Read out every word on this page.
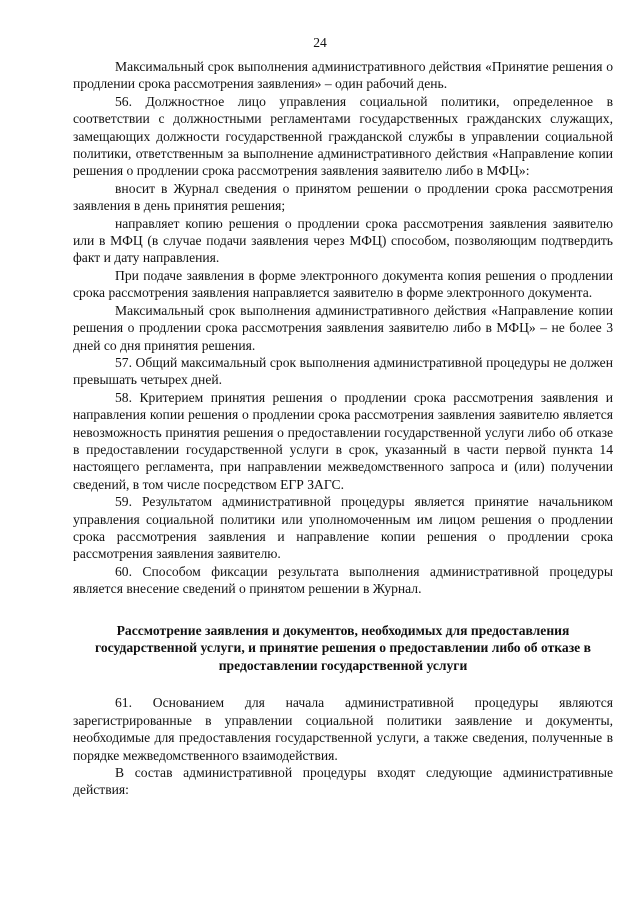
24

Максимальный срок выполнения административного действия «Принятие решения о продлении срока рассмотрения заявления» – один рабочий день.

56. Должностное лицо управления социальной политики, определенное в соответствии с должностными регламентами государственных гражданских служащих, замещающих должности государственной гражданской службы в управлении социальной политики, ответственным за выполнение административного действия «Направление копии решения о продлении срока рассмотрения заявления заявителю либо в МФЦ»:

вносит в Журнал сведения о принятом решении о продлении срока рассмотрения заявления в день принятия решения;

направляет копию решения о продлении срока рассмотрения заявления заявителю или в МФЦ (в случае подачи заявления через МФЦ) способом, позволяющим подтвердить факт и дату направления.

При подаче заявления в форме электронного документа копия решения о продлении срока рассмотрения заявления направляется заявителю в форме электронного документа.

Максимальный срок выполнения административного действия «Направление копии решения о продлении срока рассмотрения заявления заявителю либо в МФЦ» – не более 3 дней со дня принятия решения.

57. Общий максимальный срок выполнения административной процедуры не должен превышать четырех дней.

58. Критерием принятия решения о продлении срока рассмотрения заявления и направления копии решения о продлении срока рассмотрения заявления заявителю является невозможность принятия решения о предоставлении государственной услуги либо об отказе в предоставлении государственной услуги в срок, указанный в части первой пункта 14 настоящего регламента, при направлении межведомственного запроса и (или) получении сведений, в том числе посредством ЕГР ЗАГС.

59. Результатом административной процедуры является принятие начальником управления социальной политики или уполномоченным им лицом решения о продлении срока рассмотрения заявления и направление копии решения о продлении срока рассмотрения заявления заявителю.

60. Способом фиксации результата выполнения административной процедуры является внесение сведений о принятом решении в Журнал.

Рассмотрение заявления и документов, необходимых для предоставления государственной услуги, и принятие решения о предоставлении либо об отказе в предоставлении государственной услуги

61. Основанием для начала административной процедуры являются зарегистрированные в управлении социальной политики заявление и документы, необходимые для предоставления государственной услуги, а также сведения, полученные в порядке межведомственного взаимодействия.

В состав административной процедуры входят следующие административные действия:
